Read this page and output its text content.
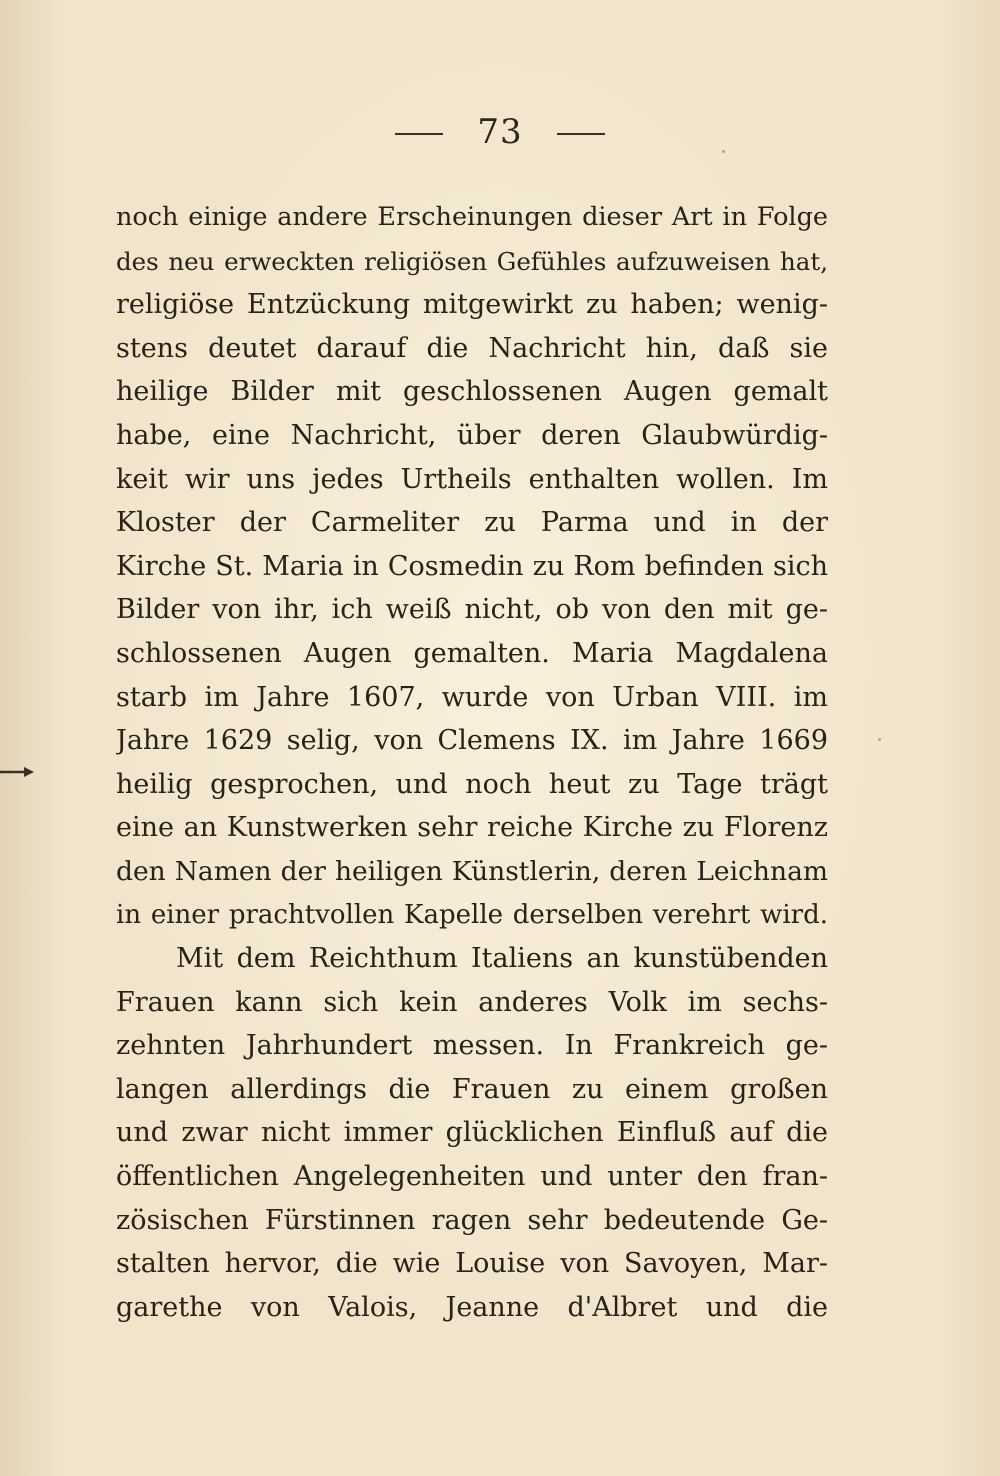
73
noch einige andere Erscheinungen dieser Art in Folge
des neu erweckten religiösen Gefühles aufzuweisen hat,
religiöse Entzückung mitgewirkt zu haben; wenig-
stens deutet darauf die Nachricht hin, daß sie
heilige Bilder mit geschlossenen Augen gemalt
habe, eine Nachricht, über deren Glaubwürdig-
keit wir uns jedes Urtheils enthalten wollen. Im
Kloster der Carmeliter zu Parma und in der
Kirche St. Maria in Cosmedin zu Rom befinden sich
Bilder von ihr, ich weiß nicht, ob von den mit ge-
schlossenen Augen gemalten. Maria Magdalena
starb im Jahre 1607, wurde von Urban VIII. im
Jahre 1629 selig, von Clemens IX. im Jahre 1669
heilig gesprochen, und noch heut zu Tage trägt
eine an Kunstwerken sehr reiche Kirche zu Florenz
den Namen der heiligen Künstlerin, deren Leichnam
in einer prachtvollen Kapelle derselben verehrt wird.
Mit dem Reichthum Italiens an kunstübenden
Frauen kann sich kein anderes Volk im sechs-
zehnten Jahrhundert messen. In Frankreich ge-
langen allerdings die Frauen zu einem großen
und zwar nicht immer glücklichen Einfluß auf die
öffentlichen Angelegenheiten und unter den fran-
zösischen Fürstinnen ragen sehr bedeutende Ge-
stalten hervor, die wie Louise von Savoyen, Mar-
garethe von Valois, Jeanne d'Albret und die
